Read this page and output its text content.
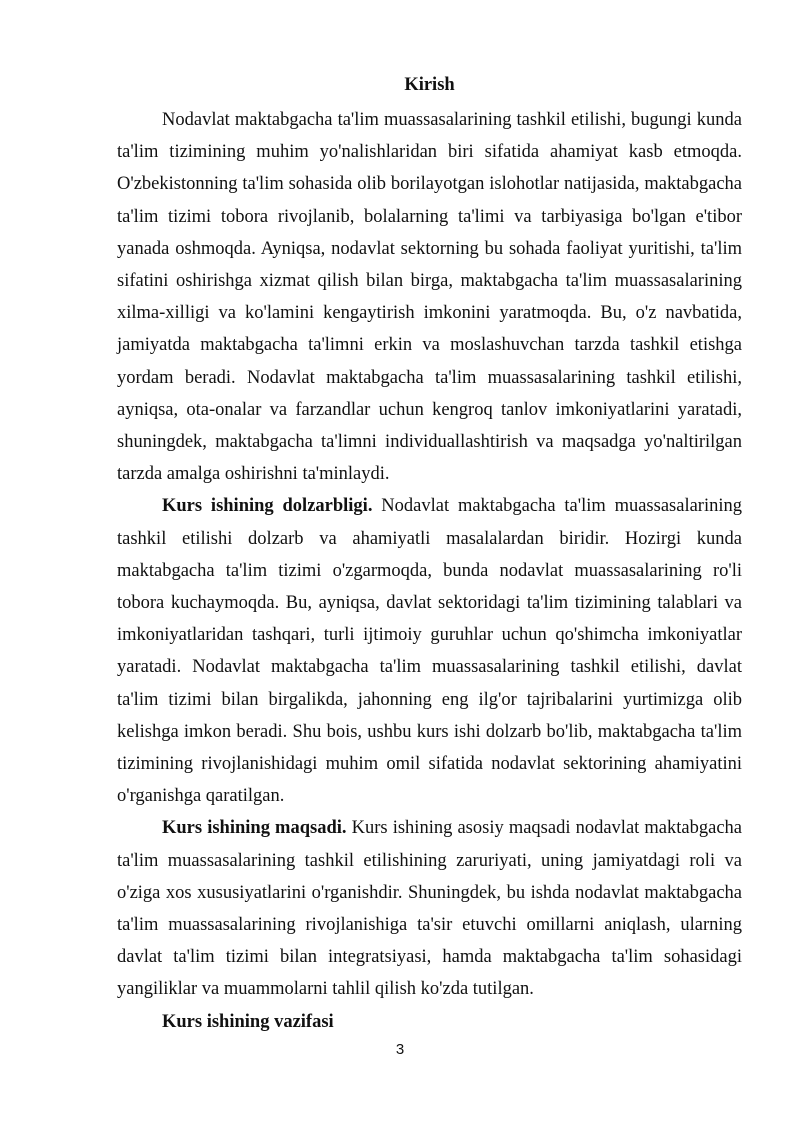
Kirish

Nodavlat maktabgacha ta'lim muassasalarining tashkil etilishi, bugungi kunda ta'lim tizimining muhim yo'nalishlaridan biri sifatida ahamiyat kasb etmoqda. O'zbekistonning ta'lim sohasida olib borilayotgan islohotlar natijasida, maktabgacha ta'lim tizimi tobora rivojlanib, bolalarning ta'limi va tarbiyasiga bo'lgan e'tibor yanada oshmoqda. Ayniqsa, nodavlat sektorning bu sohada faoliyat yuritishi, ta'lim sifatini oshirishga xizmat qilish bilan birga, maktabgacha ta'lim muassasalarining xilma-xilligi va ko'lamini kengaytirish imkonini yaratmoqda. Bu, o'z navbatida, jamiyatda maktabgacha ta'limni erkin va moslashuvchan tarzda tashkil etishga yordam beradi. Nodavlat maktabgacha ta'lim muassasalarining tashkil etilishi, ayniqsa, ota-onalar va farzandlar uchun kengroq tanlov imkoniyatlarini yaratadi, shuningdek, maktabgacha ta'limni individuallashtirish va maqsadga yo'naltirilgan tarzda amalga oshirishni ta'minlaydi.

Kurs ishining dolzarbligi. Nodavlat maktabgacha ta'lim muassasalarining tashkil etilishi dolzarb va ahamiyatli masalalardan biridir. Hozirgi kunda maktabgacha ta'lim tizimi o'zgarmoqda, bunda nodavlat muassasalarining ro'li tobora kuchaymoqda. Bu, ayniqsa, davlat sektoridagi ta'lim tizimining talablari va imkoniyatlaridan tashqari, turli ijtimoiy guruhlar uchun qo'shimcha imkoniyatlar yaratadi. Nodavlat maktabgacha ta'lim muassasalarining tashkil etilishi, davlat ta'lim tizimi bilan birgalikda, jahonning eng ilg'or tajribalarini yurtimizga olib kelishga imkon beradi. Shu bois, ushbu kurs ishi dolzarb bo'lib, maktabgacha ta'lim tizimining rivojlanishidagi muhim omil sifatida nodavlat sektorining ahamiyatini o'rganishga qaratilgan.

Kurs ishining maqsadi. Kurs ishining asosiy maqsadi nodavlat maktabgacha ta'lim muassasalarining tashkil etilishining zaruriyati, uning jamiyatdagi roli va o'ziga xos xususiyatlarini o'rganishdir. Shuningdek, bu ishda nodavlat maktabgacha ta'lim muassasalarining rivojlanishiga ta'sir etuvchi omillarni aniqlash, ularning davlat ta'lim tizimi bilan integratsiyasi, hamda maktabgacha ta'lim sohasidagi yangiliklar va muammolarni tahlil qilish ko'zda tutilgan.

Kurs ishining vazifasi

3
